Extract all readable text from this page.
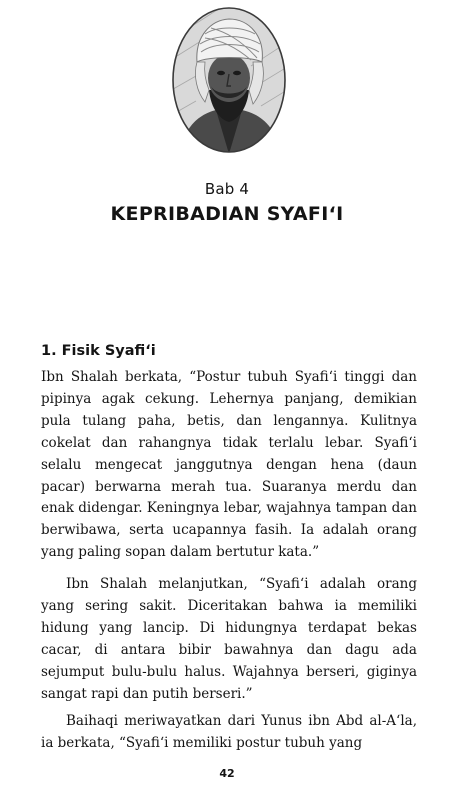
Bab 4
KEPRIBADIAN SYAFI‘I
1. Fisik Syafi‘i
Ibn Shalah berkata, “Postur tubuh Syafi‘i tinggi dan pipinya agak cekung. Lehernya panjang, demikian pula tulang paha, betis, dan lengannya. Kulitnya cokelat dan rahangnya tidak terlalu lebar. Syafi‘i selalu mengecat janggutnya dengan hena (daun pacar) berwarna merah tua. Suaranya merdu dan enak didengar. Keningnya lebar, wajahnya tampan dan berwibawa, serta ucapannya fasih. Ia adalah orang yang paling sopan dalam bertutur kata.”
Ibn Shalah melanjutkan, “Syafi‘i adalah orang yang sering sakit. Diceritakan bahwa ia memiliki hidung yang lancip. Di hidungnya terdapat bekas cacar, di antara bibir bawahnya dan dagu ada sejumput bulu-bulu halus. Wajahnya berseri, giginya sangat rapi dan putih berseri.”
Baihaqi meriwayatkan dari Yunus ibn Abd al-A‘la, ia berkata, “Syafi‘i memiliki postur tubuh yang
42
